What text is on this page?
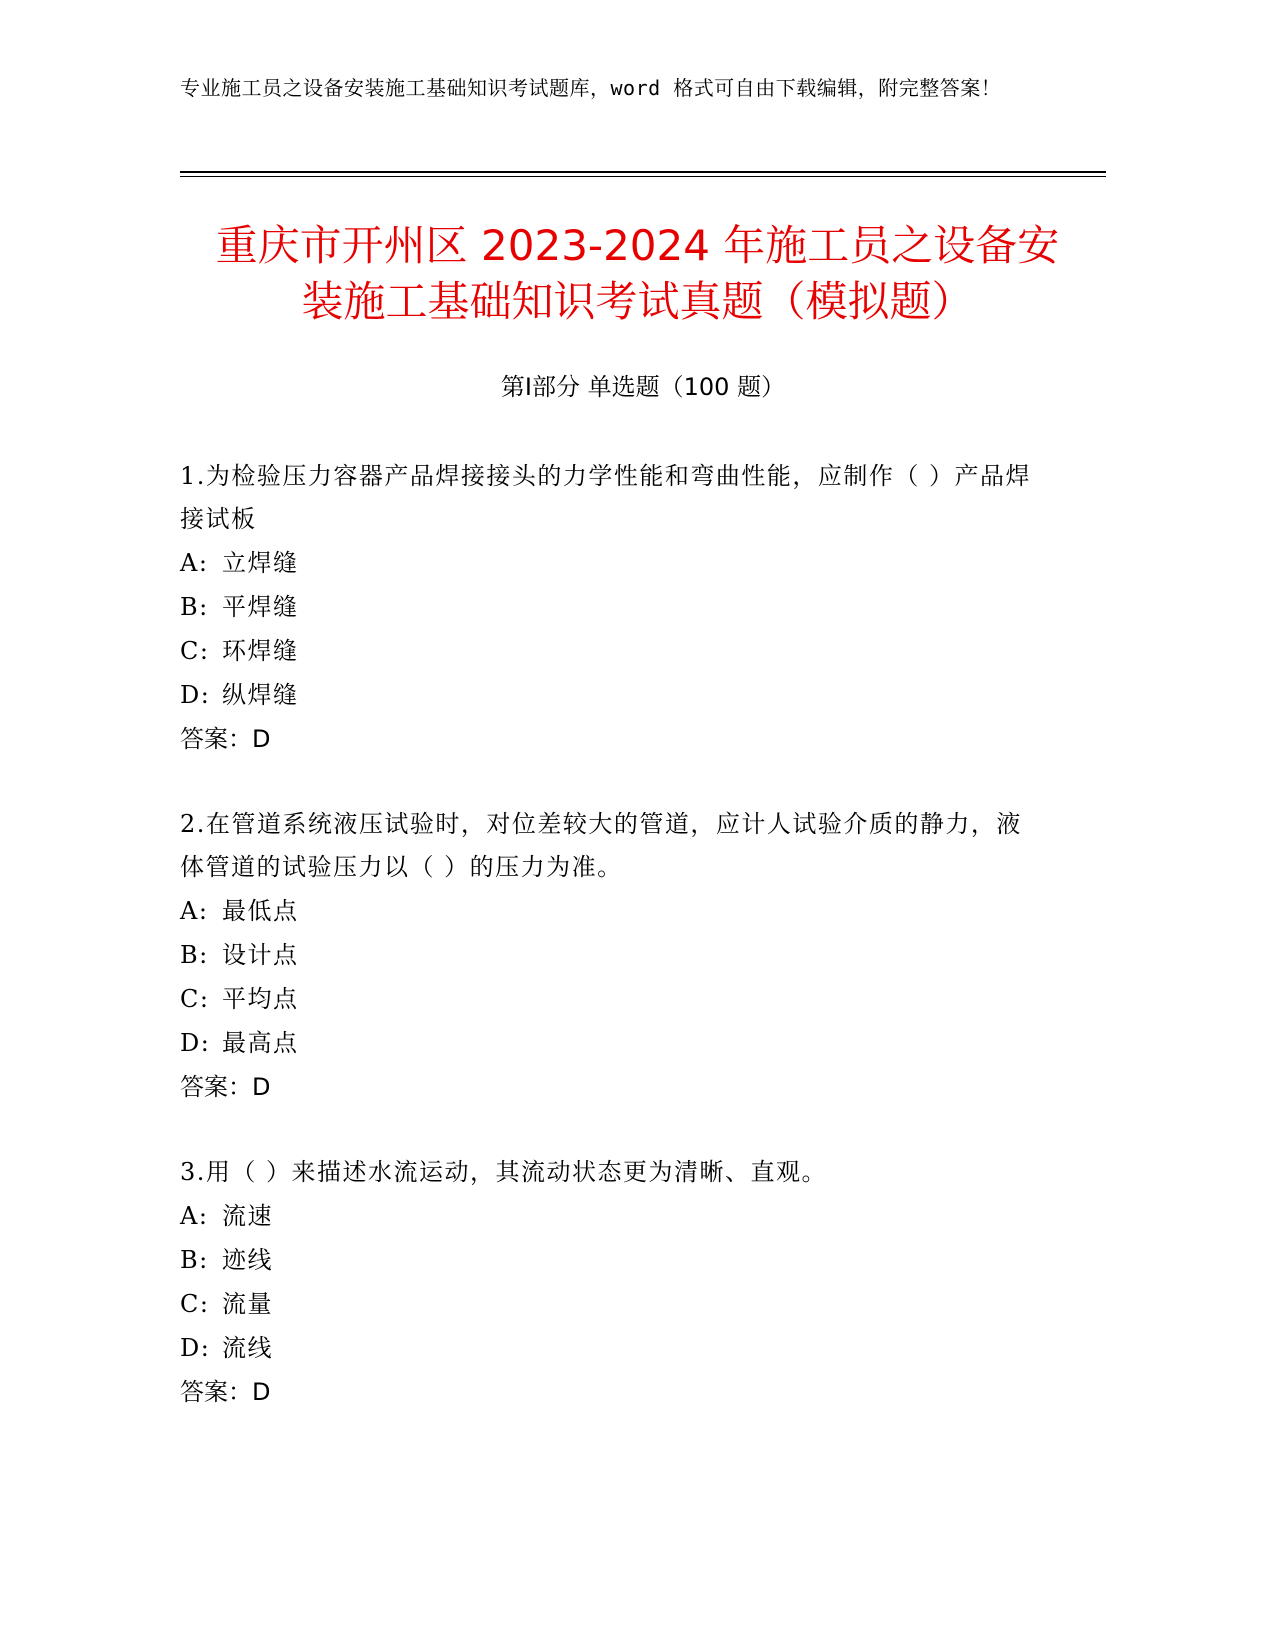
专业施工员之设备安装施工基础知识考试题库，word 格式可自由下载编辑，附完整答案！
重庆市开州区 2023-2024 年施工员之设备安
装施工基础知识考试真题（模拟题）
第Ⅰ部分 单选题（100 题）

1.为检验压力容器产品焊接接头的力学性能和弯曲性能，应制作（ ）产品焊接试板

A: 立焊缝

B: 平焊缝

C: 环焊缝

D: 纵焊缝

答案：D

2.在管道系统液压试验时，对位差较大的管道，应计人试验介质的静力，液体管道的试验压力以（ ）的压力为准。

A: 最低点

B: 设计点

C: 平均点

D: 最高点

答案：D

3.用（ ）来描述水流运动，其流动状态更为清晰、直观。

A: 流速

B: 迹线

C: 流量

D: 流线

答案：D
